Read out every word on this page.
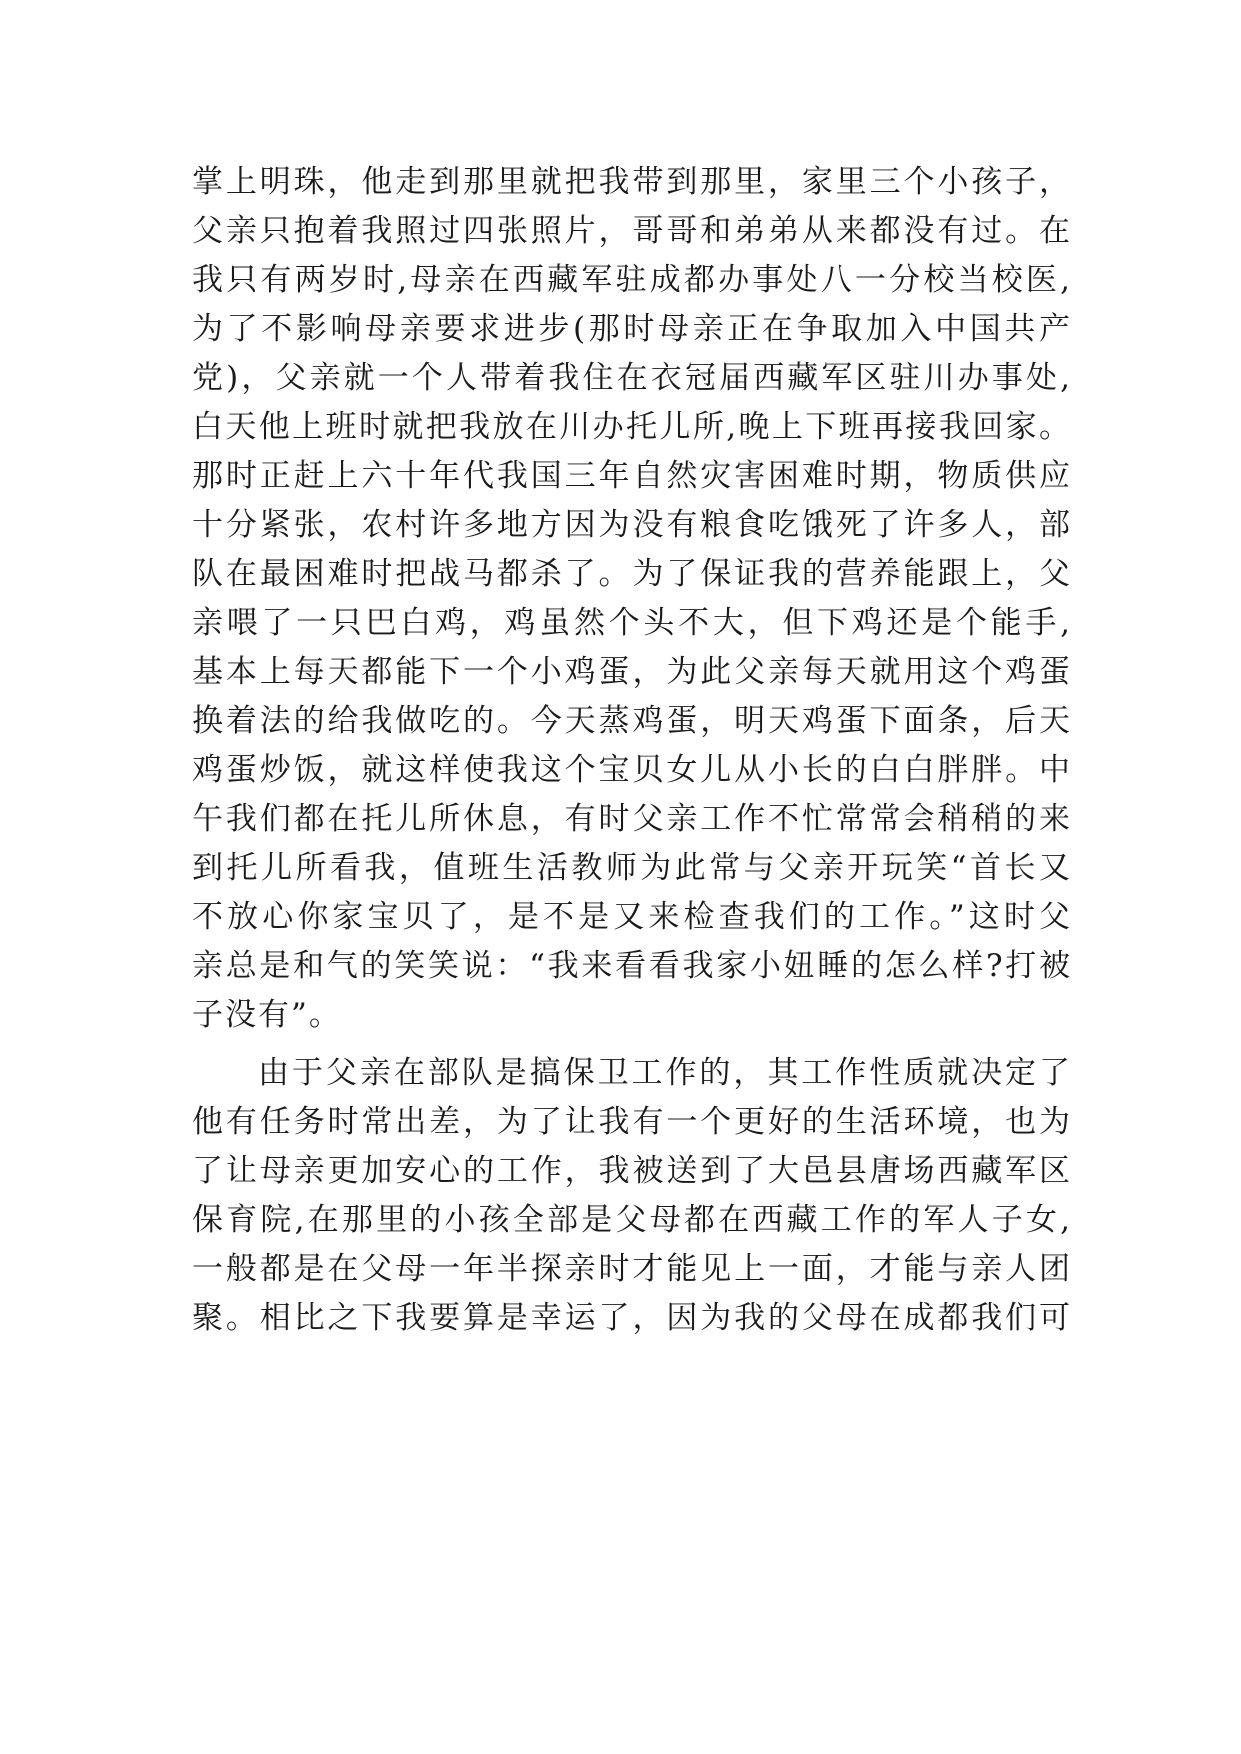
掌上明珠，他走到那里就把我带到那里，家里三个小孩子，
父亲只抱着我照过四张照片，哥哥和弟弟从来都没有过。在
我只有两岁时,母亲在西藏军驻成都办事处八一分校当校医,
为了不影响母亲要求进步(那时母亲正在争取加入中国共产
党)，父亲就一个人带着我住在衣冠届西藏军区驻川办事处,
白天他上班时就把我放在川办托儿所,晚上下班再接我回家。
那时正赶上六十年代我国三年自然灾害困难时期，物质供应
十分紧张，农村许多地方因为没有粮食吃饿死了许多人，部
队在最困难时把战马都杀了。为了保证我的营养能跟上，父
亲喂了一只巴白鸡，鸡虽然个头不大，但下鸡还是个能手,
基本上每天都能下一个小鸡蛋，为此父亲每天就用这个鸡蛋
换着法的给我做吃的。今天蒸鸡蛋，明天鸡蛋下面条，后天
鸡蛋炒饭，就这样使我这个宝贝女儿从小长的白白胖胖。中
午我们都在托儿所休息，有时父亲工作不忙常常会稍稍的来
到托儿所看我，值班生活教师为此常与父亲开玩笑“首长又
不放心你家宝贝了，是不是又来检查我们的工作。”这时父
亲总是和气的笑笑说：“我来看看我家小妞睡的怎么样?打被
子没有”。
由于父亲在部队是搞保卫工作的，其工作性质就决定了
他有任务时常出差，为了让我有一个更好的生活环境，也为
了让母亲更加安心的工作，我被送到了大邑县唐场西藏军区
保育院,在那里的小孩全部是父母都在西藏工作的军人子女,
一般都是在父母一年半探亲时才能见上一面，才能与亲人团
聚。相比之下我要算是幸运了，因为我的父母在成都我们可
